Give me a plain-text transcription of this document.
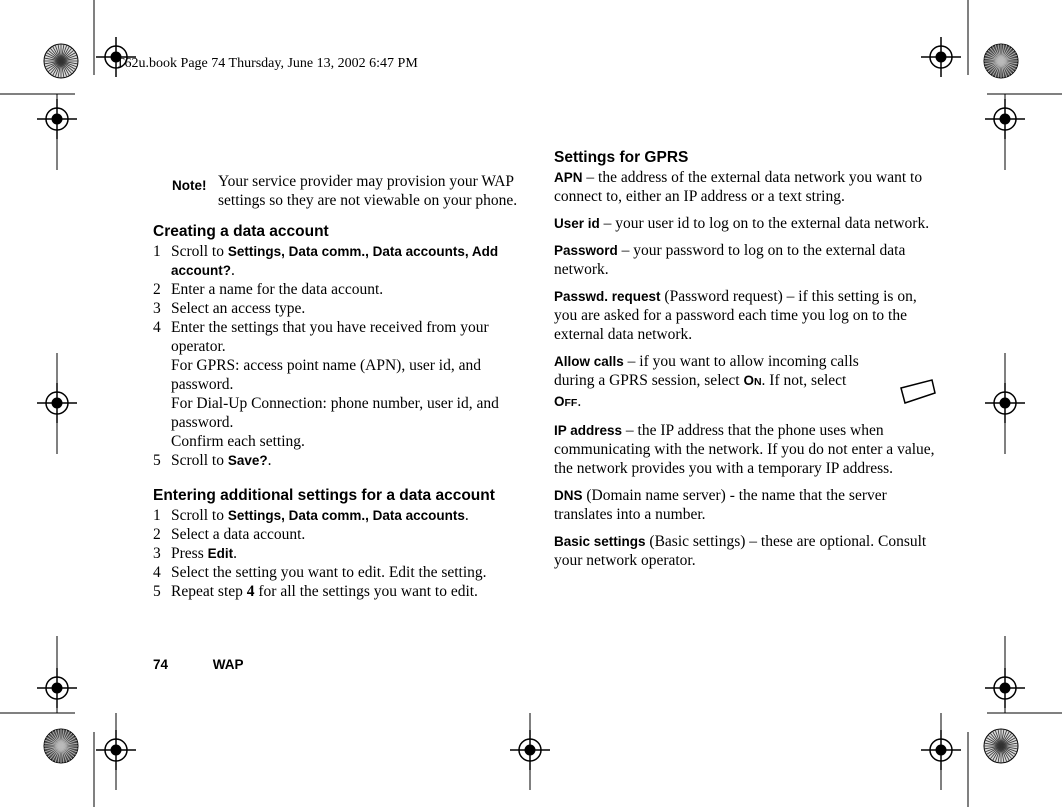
T62u.book Page 74 Thursday, June 13, 2002 6:47 PM
Note! Your service provider may provision your WAP settings so they are not viewable on your phone.
Creating a data account
1 Scroll to Settings, Data comm., Data accounts, Add account?.
2 Enter a name for the data account.
3 Select an access type.
4 Enter the settings that you have received from your operator.
For GPRS: access point name (APN), user id, and password.
For Dial-Up Connection: phone number, user id, and password.
Confirm each setting.
5 Scroll to Save?.
Entering additional settings for a data account
1 Scroll to Settings, Data comm., Data accounts.
2 Select a data account.
3 Press Edit.
4 Select the setting you want to edit. Edit the setting.
5 Repeat step 4 for all the settings you want to edit.
Settings for GPRS

APN – the address of the external data network you want to connect to, either an IP address or a text string.

User id – your user id to log on to the external data network.

Password – your password to log on to the external data network.

Passwd. request (Password request) – if this setting is on, you are asked for a password each time you log on to the external data network.

Allow calls – if you want to allow incoming calls during a GPRS session, select ON. If not, select OFF.

IP address – the IP address that the phone uses when communicating with the network. If you do not enter a value, the network provides you with a temporary IP address.

DNS (Domain name server) - the name that the server translates into a number.

Basic settings (Basic settings) – these are optional. Consult your network operator.

74	WAP
